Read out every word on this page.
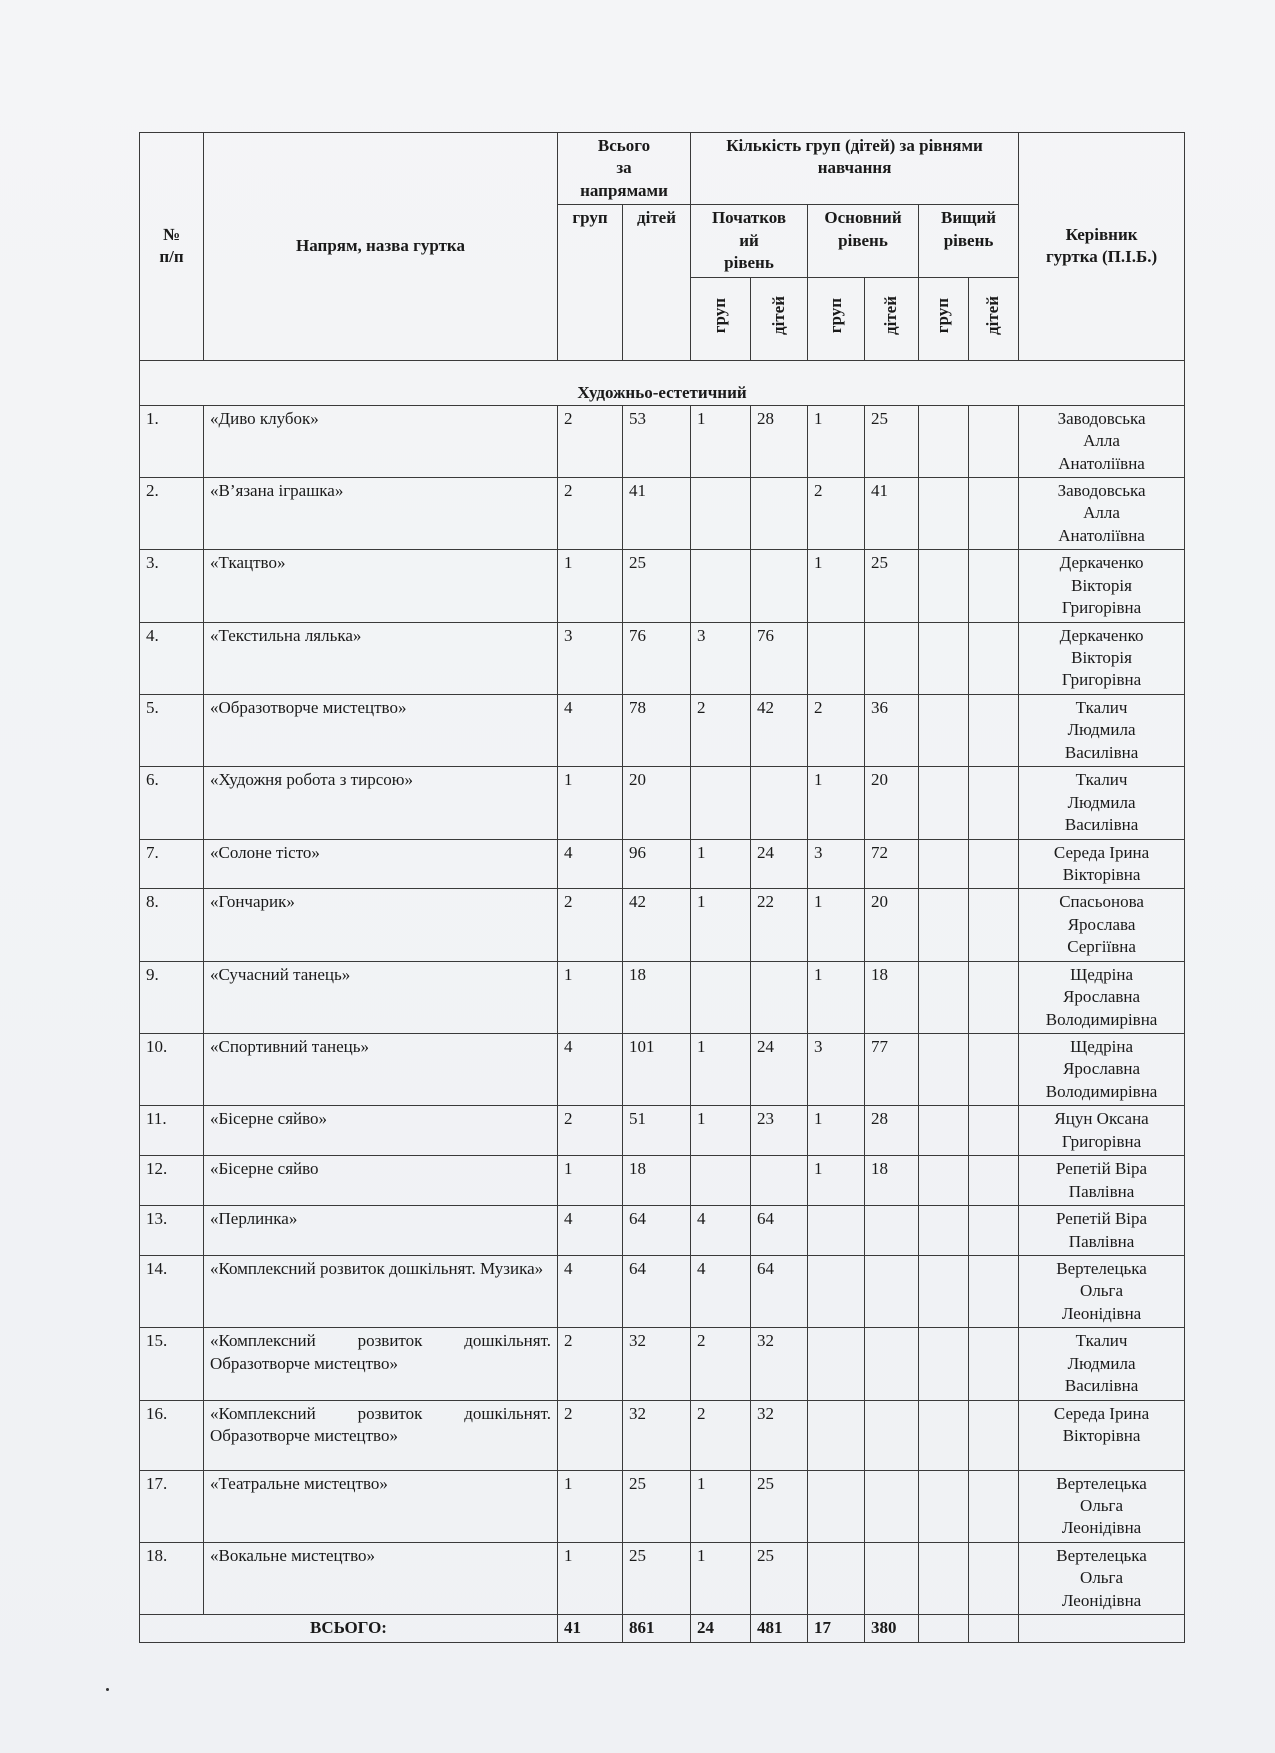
№
п/п	Напрям, назва гуртка	Всього
за
напрямами		Кількість груп (дітей) за рівнями навчання						Керівник
гуртка (П.І.Б.)
		груп	дітей	Початков
ий
рівень		Основний
рівень		Вищий
рівень		
				груп	дітей	груп	дітей	груп	дітей	
Художньо-естетичний										
1.	«Диво клубок»	2	53	1	28	1	25			Заводовська
Алла
Анатоліївна
2.	«В’язана іграшка»	2	41			2	41			Заводовська
Алла
Анатоліївна
3.	«Ткацтво»	1	25			1	25			Деркаченко
Вікторія
Григорівна
4.	«Текстильна лялька»	3	76	3	76					Деркаченко
Вікторія
Григорівна
5.	«Образотворче мистецтво»	4	78	2	42	2	36			Ткалич
Людмила
Василівна
6.	«Художня робота з тирсою»	1	20			1	20			Ткалич
Людмила
Василівна
7.	«Солоне тісто»	4	96	1	24	3	72			Середа Ірина
Вікторівна
8.	«Гончарик»	2	42	1	22	1	20			Спасьонова
Ярослава
Сергіївна
9.	«Сучасний танець»	1	18			1	18			Щедріна
Ярославна
Володимирівна
10.	«Спортивний танець»	4	101	1	24	3	77			Щедріна
Ярославна
Володимирівна
11.	«Бісерне сяйво»	2	51	1	23	1	28			Яцун Оксана
Григорівна
12.	«Бісерне сяйво	1	18			1	18			Репетій Віра
Павлівна
13.	«Перлинка»	4	64	4	64					Репетій Віра
Павлівна
14.	«Комплексний розвиток дошкільнят. Музика»	4	64	4	64					Вертелецька
Ольга
Леонідівна
15.	«Комплексний розвиток дошкільнят. Образотворче мистецтво»	2	32	2	32					Ткалич
Людмила
Василівна
16.	«Комплексний розвиток дошкільнят. Образотворче мистецтво»	2	32	2	32					Середа Ірина
Вікторівна
17.	«Театральне мистецтво»	1	25	1	25					Вертелецька
Ольга
Леонідівна
18.	«Вокальне мистецтво»	1	25	1	25					Вертелецька
Ольга
Леонідівна
ВСЬОГО:		41	861	24	481	17	380			
